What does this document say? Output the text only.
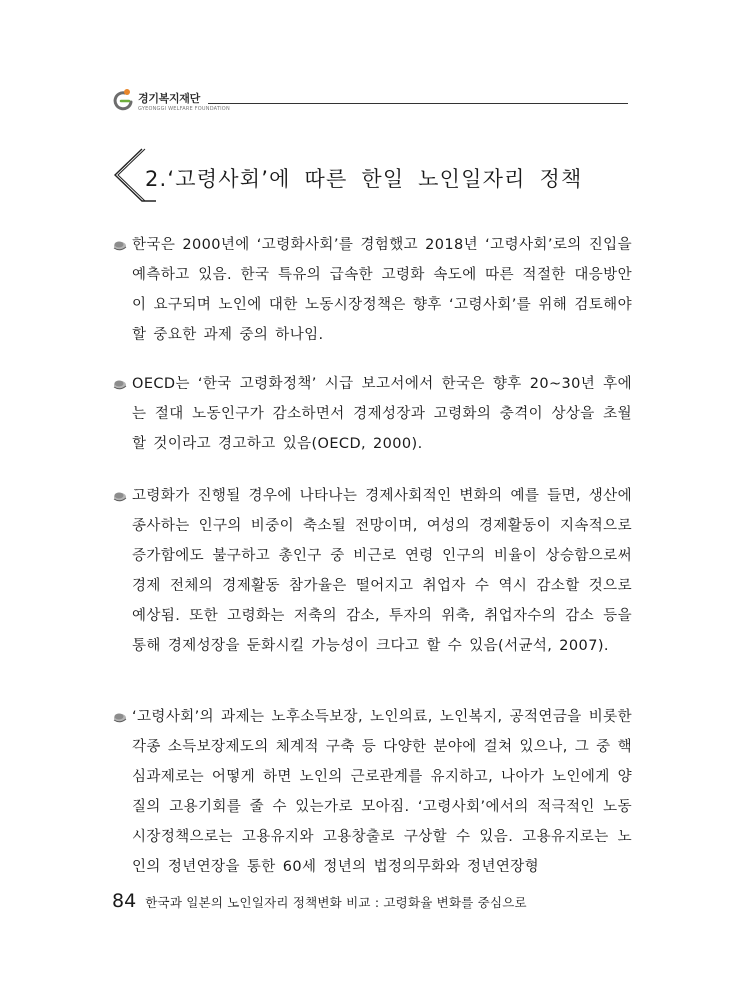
경기복지재단
GYEONGGI WELFARE FOUNDATION
2.‘고령사회’에 따른 한일 노인일자리 정책

한국은 2000년에 ‘고령화사회’를 경험했고 2018년 ‘고령사회’로의 진입을 예측하고 있음. 한국 특유의 급속한 고령화 속도에 따른 적절한 대응방안이 요구되며 노인에 대한 노동시장정책은 향후 ‘고령사회’를 위해 검토해야할 중요한 과제 중의 하나임.

OECD는 ‘한국 고령화정책’ 시급 보고서에서 한국은 향후 20~30년 후에는 절대 노동인구가 감소하면서 경제성장과 고령화의 충격이 상상을 초월할 것이라고 경고하고 있음(OECD, 2000).

고령화가 진행될 경우에 나타나는 경제사회적인 변화의 예를 들면, 생산에 종사하는 인구의 비중이 축소될 전망이며, 여성의 경제활동이 지속적으로 증가함에도 불구하고 총인구 중 비근로 연령 인구의 비율이 상승함으로써 경제 전체의 경제활동 참가율은 떨어지고 취업자 수 역시 감소할 것으로 예상됨. 또한 고령화는 저축의 감소, 투자의 위축, 취업자수의 감소 등을 통해 경제성장을 둔화시킬 가능성이 크다고 할 수 있음(서균석, 2007).

‘고령사회’의 과제는 노후소득보장, 노인의료, 노인복지, 공적연금을 비롯한 각종 소득보장제도의 체계적 구축 등 다양한 분야에 걸쳐 있으나, 그 중 핵심과제로는 어떻게 하면 노인의 근로관계를 유지하고, 나아가 노인에게 양질의 고용기회를 줄 수 있는가로 모아짐. ‘고령사회’에서의 적극적인 노동시장정책으로는 고용유지와 고용창출로 구상할 수 있음. 고용유지로는 노인의 정년연장을 통한 60세 정년의 법정의무화와 정년연장형

84 한국과 일본의 노인일자리 정책변화 비교 : 고령화율 변화를 중심으로
